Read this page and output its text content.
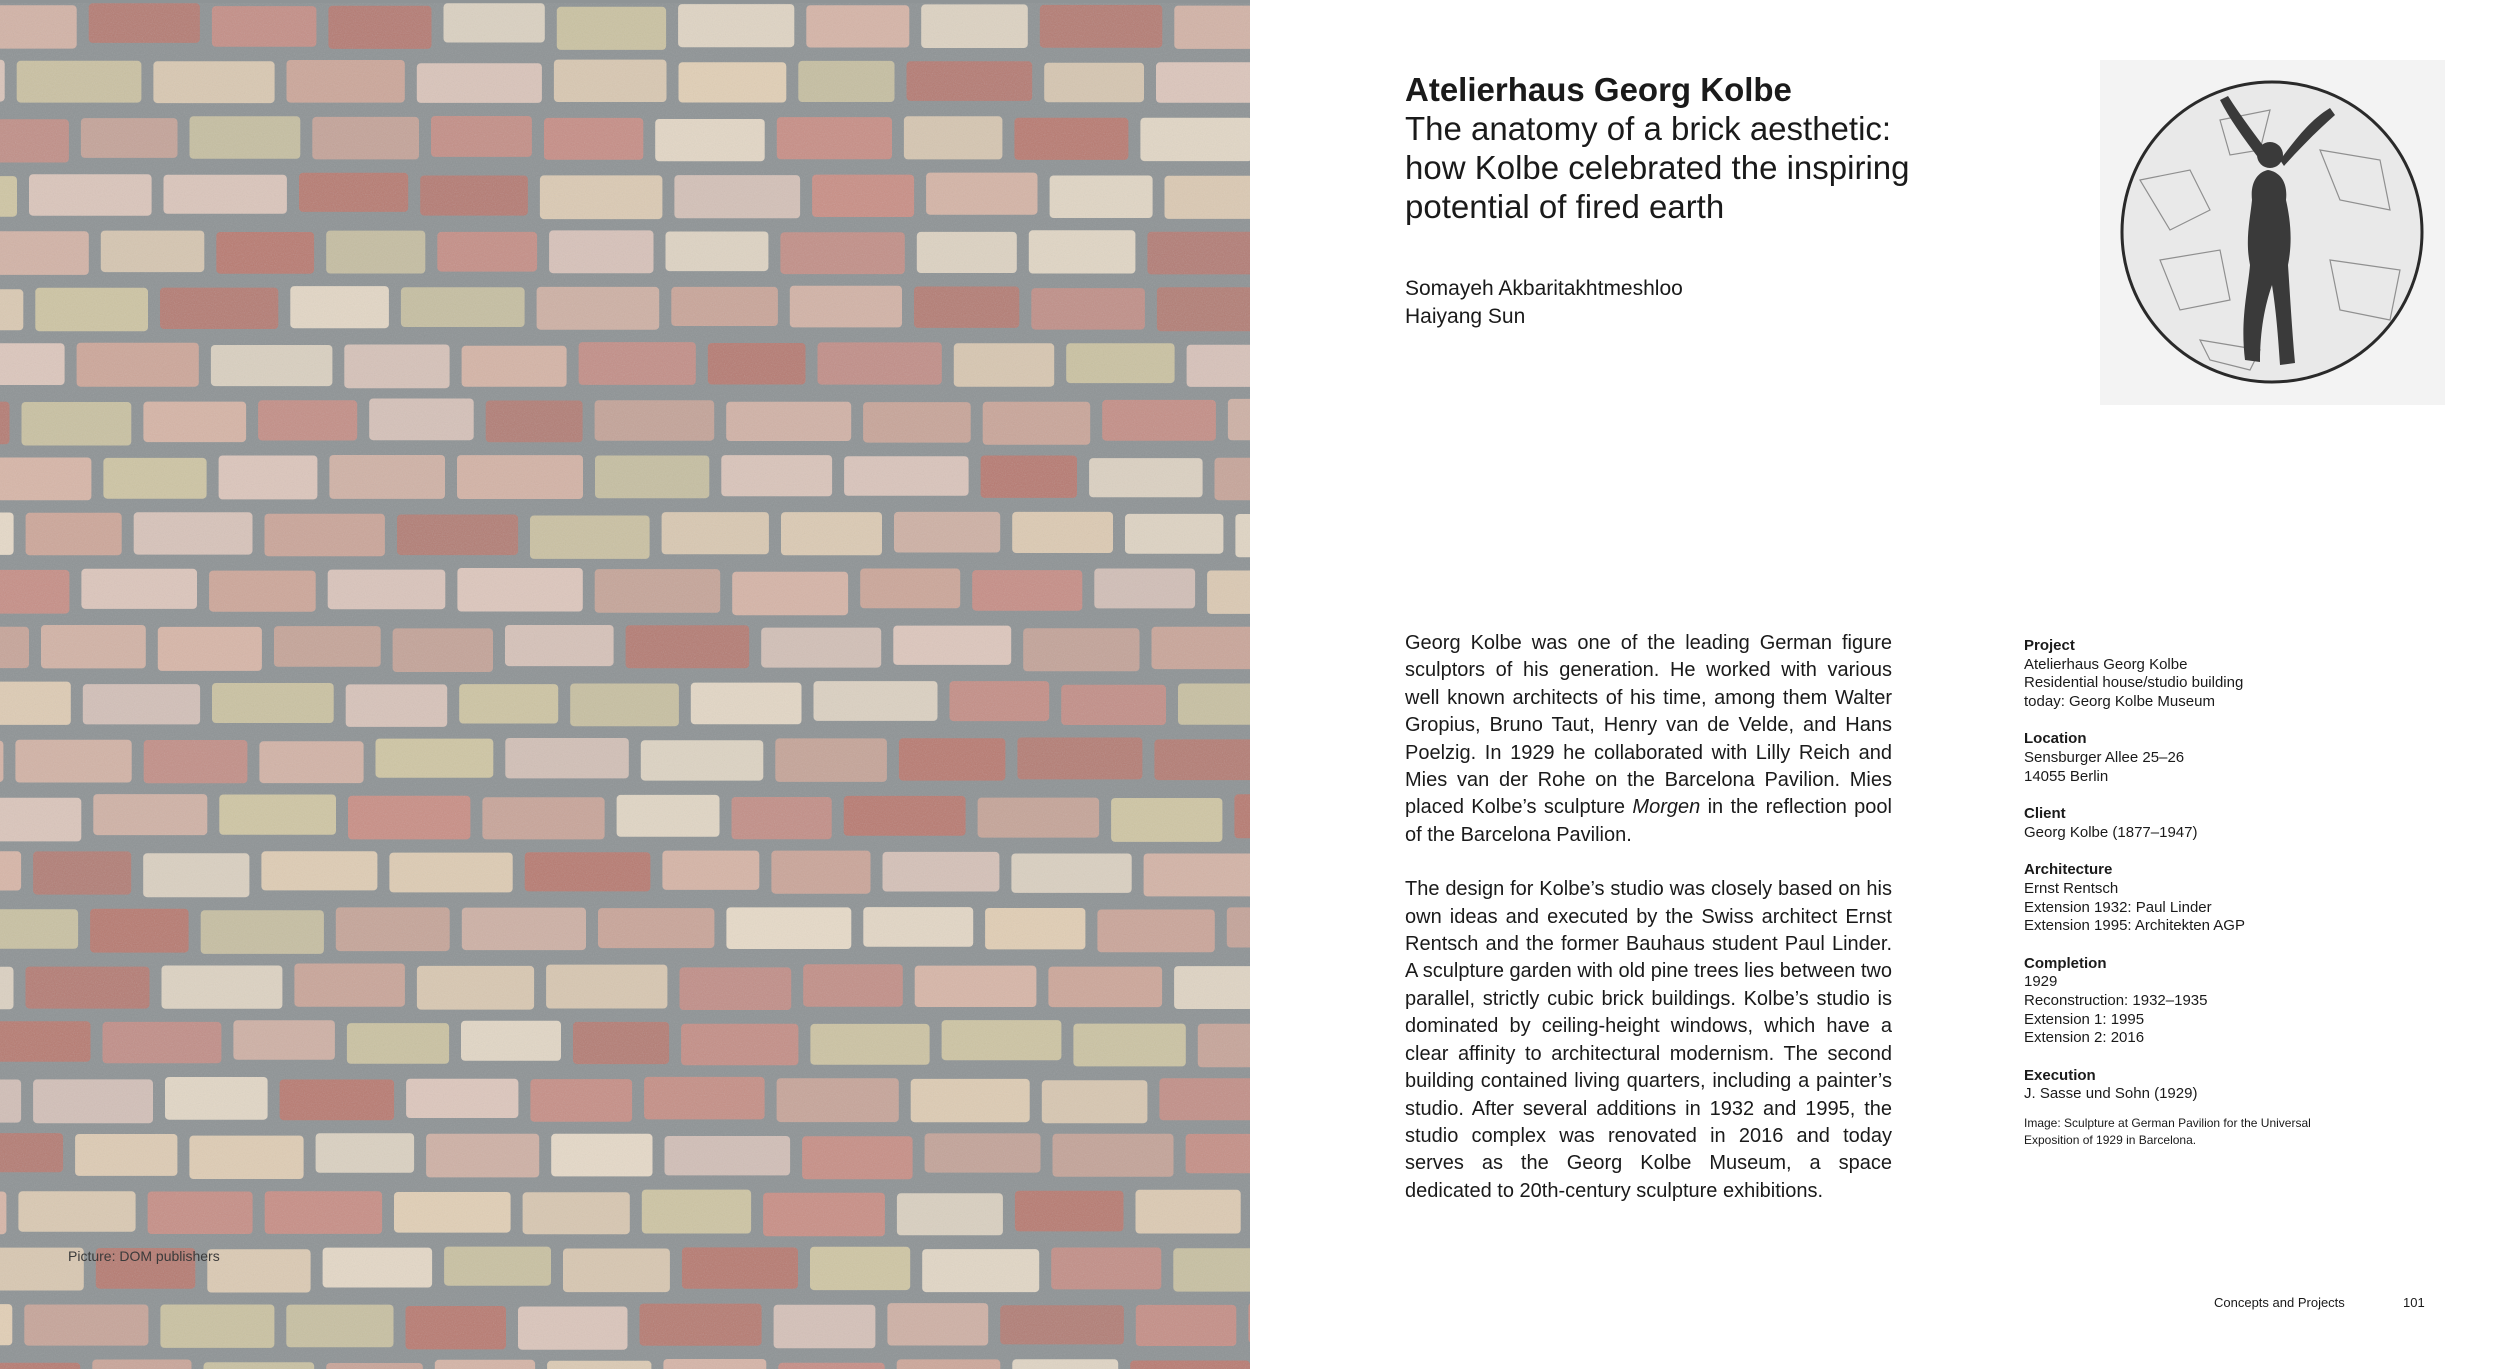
Picture: DOM publishers
Atelierhaus Georg Kolbe
The anatomy of a brick aesthetic:
how Kolbe celebrated the inspiring
potential of fired earth
Somayeh Akbaritakhtmeshloo
Haiyang Sun

Georg Kolbe was one of the leading German figure sculptors of his generation. He worked with various well known architects of his time, among them Walter Gropius, Bruno Taut, Henry van de Velde, and Hans Poelzig. In 1929 he collaborated with Lilly Reich and Mies van der Rohe on the Barcelona Pavilion. Mies placed Kolbe’s sculpture Morgen in the reflection pool of the Barcelona Pavilion.

The design for Kolbe’s studio was closely based on his own ideas and executed by the Swiss architect Ernst Rentsch and the former Bauhaus student Paul Linder. A sculpture garden with old pine trees lies between two parallel, strictly cubic brick buildings. Kolbe’s studio is dominated by ceiling-height windows, which have a clear affinity to architectural modernism. The second building contained living quarters, including a painter’s studio. After several additions in 1932 and 1995, the studio complex was renovated in 2016 and today serves as the Georg Kolbe Museum, a space dedicated to 20th-century sculpture exhibitions.

Project
Atelierhaus Georg Kolbe
Residential house/studio building
today: Georg Kolbe Museum
Location
Sensburger Allee 25–26
14055 Berlin
Client
Georg Kolbe (1877–1947)
Architecture
Ernst Rentsch
Extension 1932: Paul Linder
Extension 1995: Architekten AGP
Completion
1929
Reconstruction: 1932–1935
Extension 1: 1995
Extension 2: 2016
Execution
J. Sasse und Sohn (1929)
Image: Sculpture at German Pavilion for the Universal Exposition of 1929 in Barcelona.
Concepts and Projects	101
